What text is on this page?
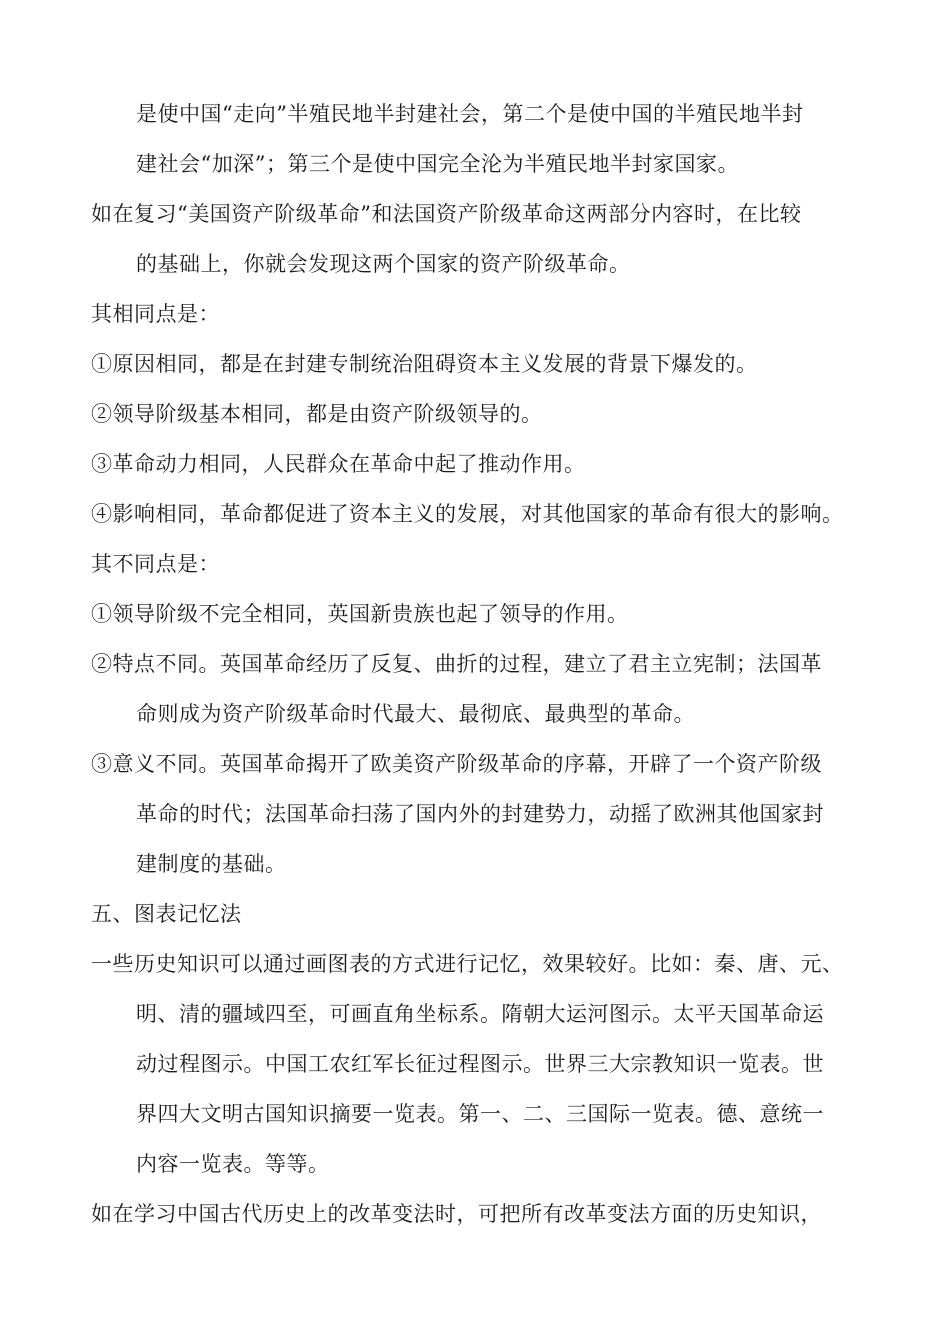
是使中国“走向”半殖民地半封建社会，第二个是使中国的半殖民地半封
建社会“加深”；第三个是使中国完全沦为半殖民地半封家国家。
如在复习“美国资产阶级革命”和法国资产阶级革命这两部分内容时，在比较
的基础上，你就会发现这两个国家的资产阶级革命。
其相同点是：
①原因相同，都是在封建专制统治阻碍资本主义发展的背景下爆发的。
②领导阶级基本相同，都是由资产阶级领导的。
③革命动力相同，人民群众在革命中起了推动作用。
④影响相同，革命都促进了资本主义的发展，对其他国家的革命有很大的影响。
其不同点是：
①领导阶级不完全相同，英国新贵族也起了领导的作用。
②特点不同。英国革命经历了反复、曲折的过程，建立了君主立宪制；法国革
命则成为资产阶级革命时代最大、最彻底、最典型的革命。
③意义不同。英国革命揭开了欧美资产阶级革命的序幕，开辟了一个资产阶级
革命的时代；法国革命扫荡了国内外的封建势力，动摇了欧洲其他国家封
建制度的基础。
五、图表记忆法
一些历史知识可以通过画图表的方式进行记忆，效果较好。比如：秦、唐、元、
明、清的疆域四至，可画直角坐标系。隋朝大运河图示。太平天国革命运
动过程图示。中国工农红军长征过程图示。世界三大宗教知识一览表。世
界四大文明古国知识摘要一览表。第一、二、三国际一览表。德、意统一
内容一览表。等等。
如在学习中国古代历史上的改革变法时，可把所有改革变法方面的历史知识，
